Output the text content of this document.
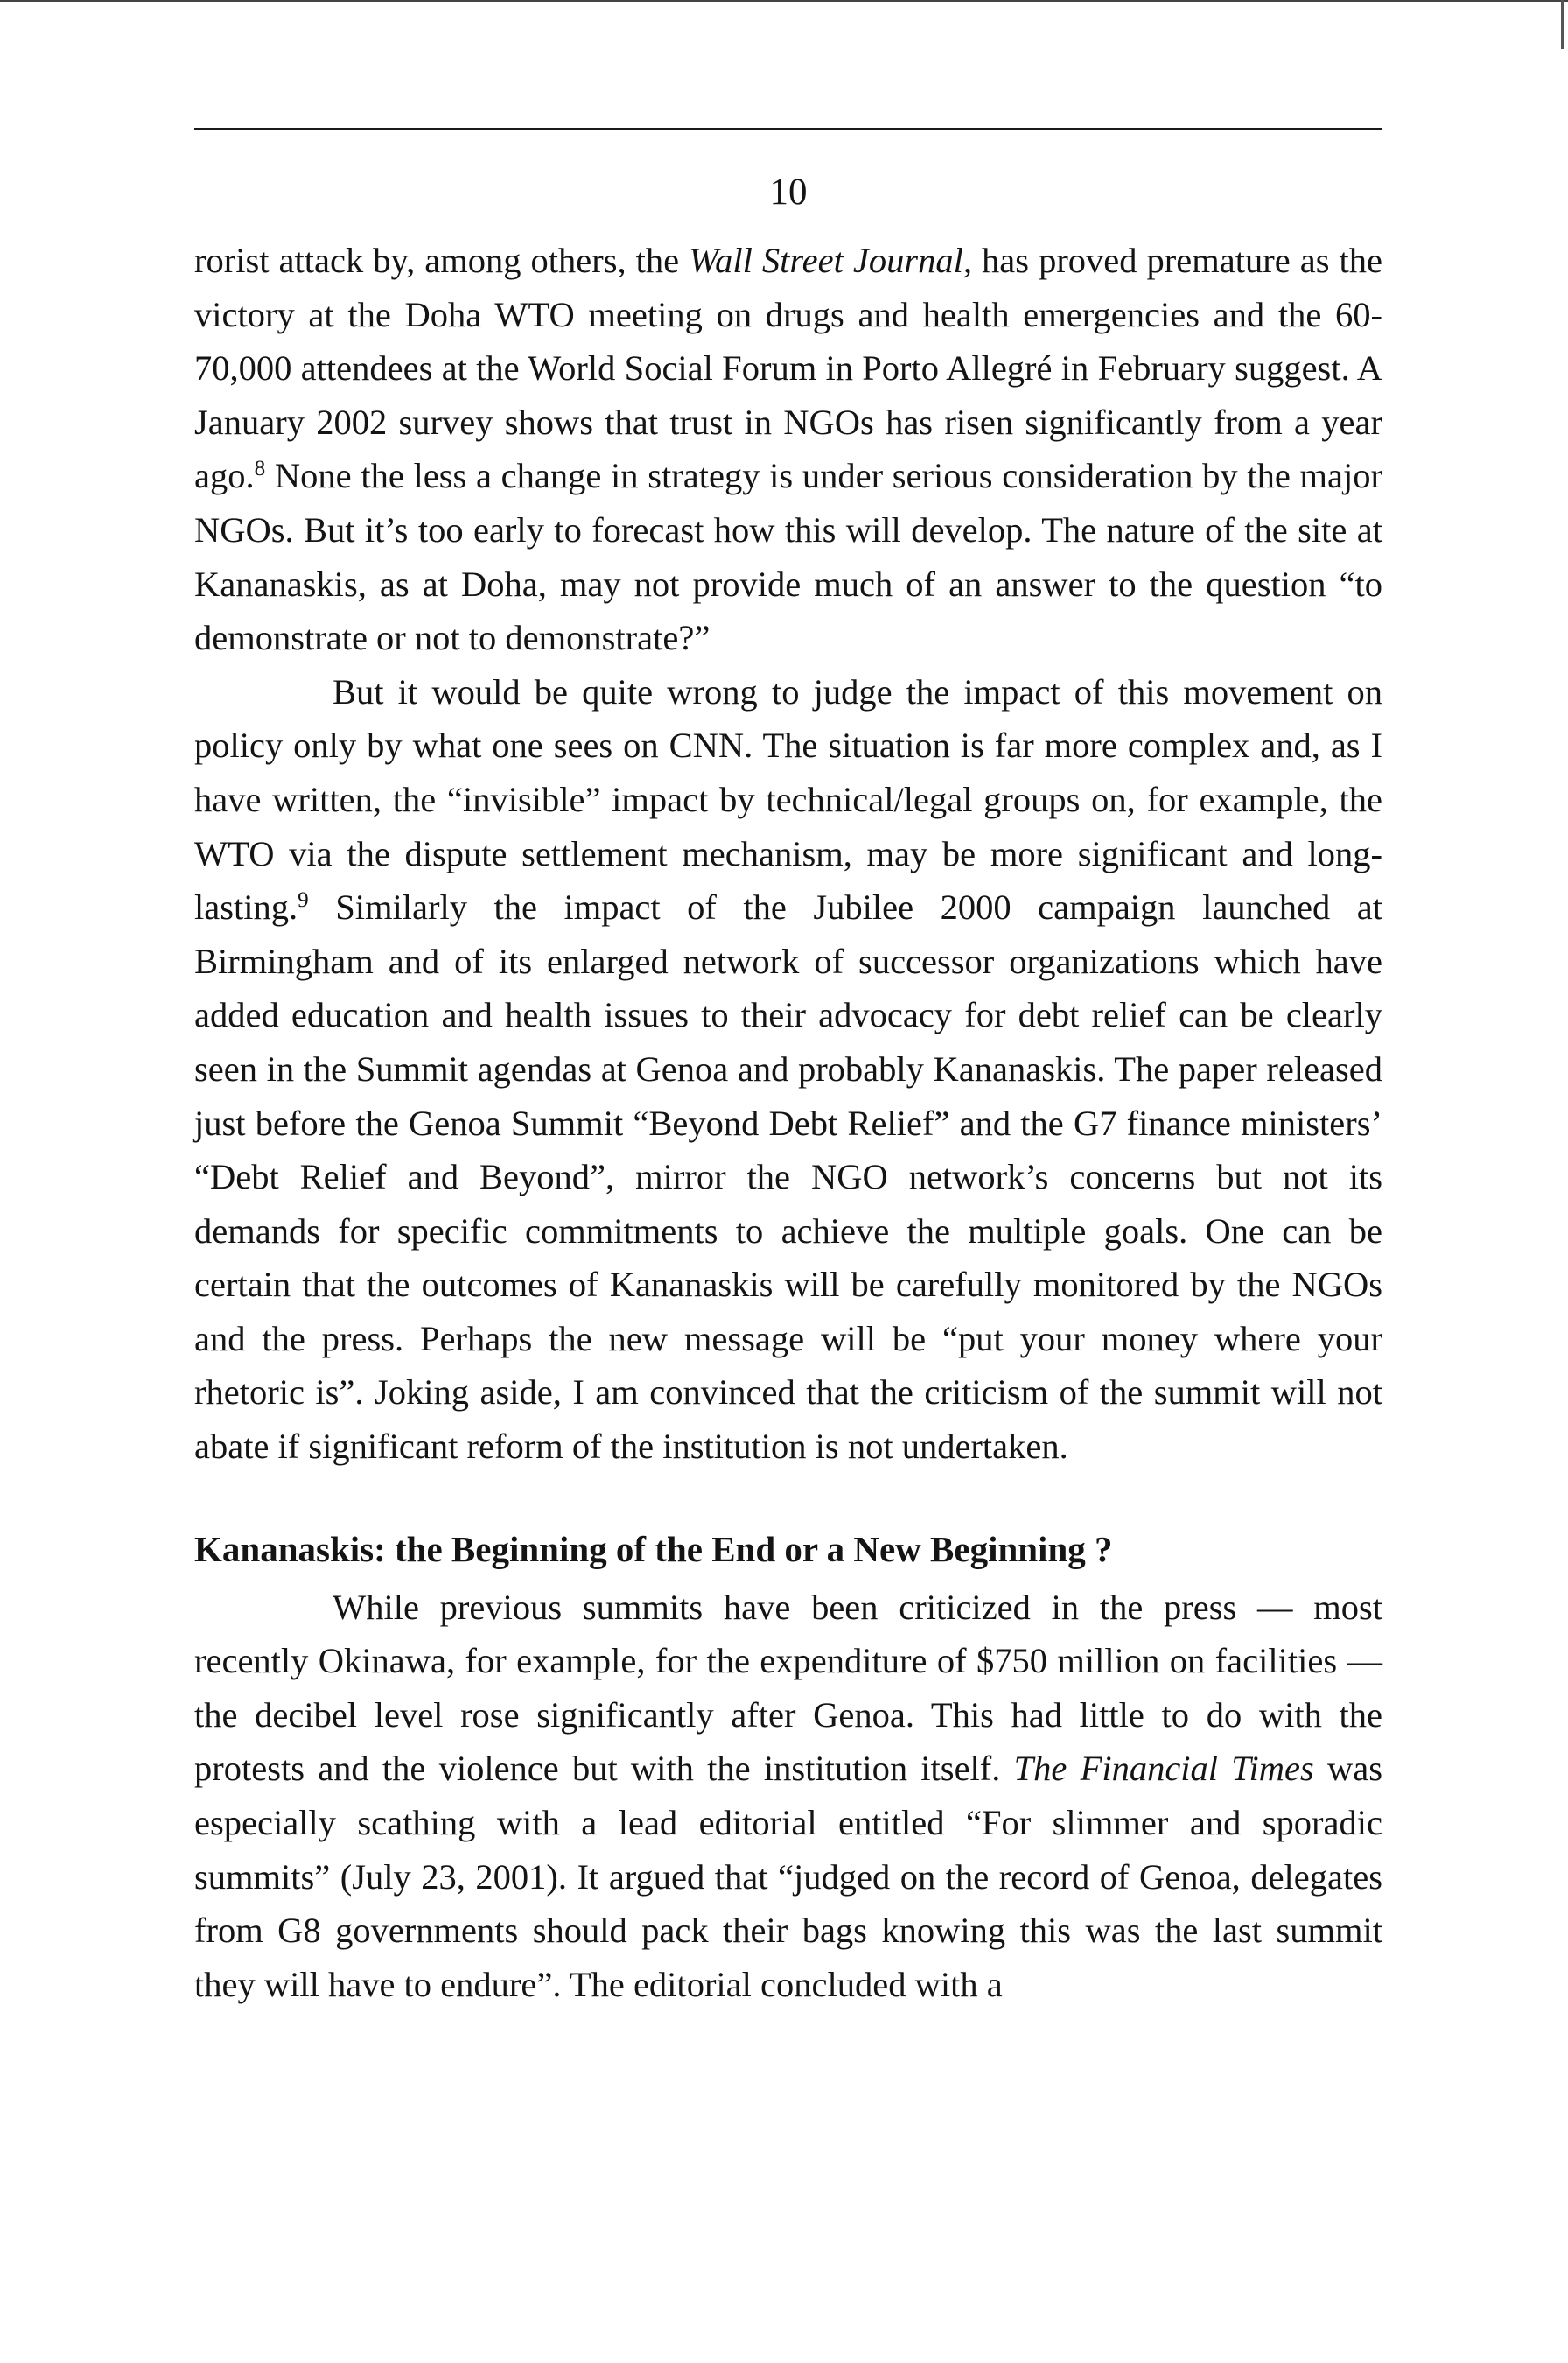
10

rorist attack by, among others, the Wall Street Journal, has proved premature as the victory at the Doha WTO meeting on drugs and health emergencies and the 60-70,000 attendees at the World Social Forum in Porto Allegré in February suggest. A January 2002 survey shows that trust in NGOs has risen significantly from a year ago.$^8$ None the less a change in strategy is under serious consideration by the major NGOs. But it’s too early to forecast how this will develop. The nature of the site at Kananaskis, as at Doha, may not provide much of an answer to the question “to demonstrate or not to demonstrate?”

But it would be quite wrong to judge the impact of this movement on policy only by what one sees on CNN. The situation is far more complex and, as I have written, the “invisible” impact by technical/legal groups on, for example, the WTO via the dispute settlement mechanism, may be more significant and long-lasting.$^9$ Similarly the impact of the Jubilee 2000 campaign launched at Birmingham and of its enlarged network of successor organizations which have added education and health issues to their advocacy for debt relief can be clearly seen in the Summit agendas at Genoa and probably Kananaskis. The paper released just before the Genoa Summit “Beyond Debt Relief” and the G7 finance ministers’ “Debt Relief and Beyond”, mirror the NGO network’s concerns but not its demands for specific commitments to achieve the multiple goals. One can be certain that the outcomes of Kananaskis will be carefully monitored by the NGOs and the press. Perhaps the new message will be “put your money where your rhetoric is”. Joking aside, I am convinced that the criticism of the summit will not abate if significant reform of the institution is not undertaken.

Kananaskis: the Beginning of the End or a New Beginning ?

While previous summits have been criticized in the press — most recently Okinawa, for example, for the expenditure of $750 million on facilities — the decibel level rose significantly after Genoa. This had little to do with the protests and the violence but with the institution itself. The Financial Times was especially scathing with a lead editorial entitled “For slimmer and sporadic summits” (July 23, 2001). It argued that “judged on the record of Genoa, delegates from G8 governments should pack their bags knowing this was the last summit they will have to endure”. The editorial concluded with a
